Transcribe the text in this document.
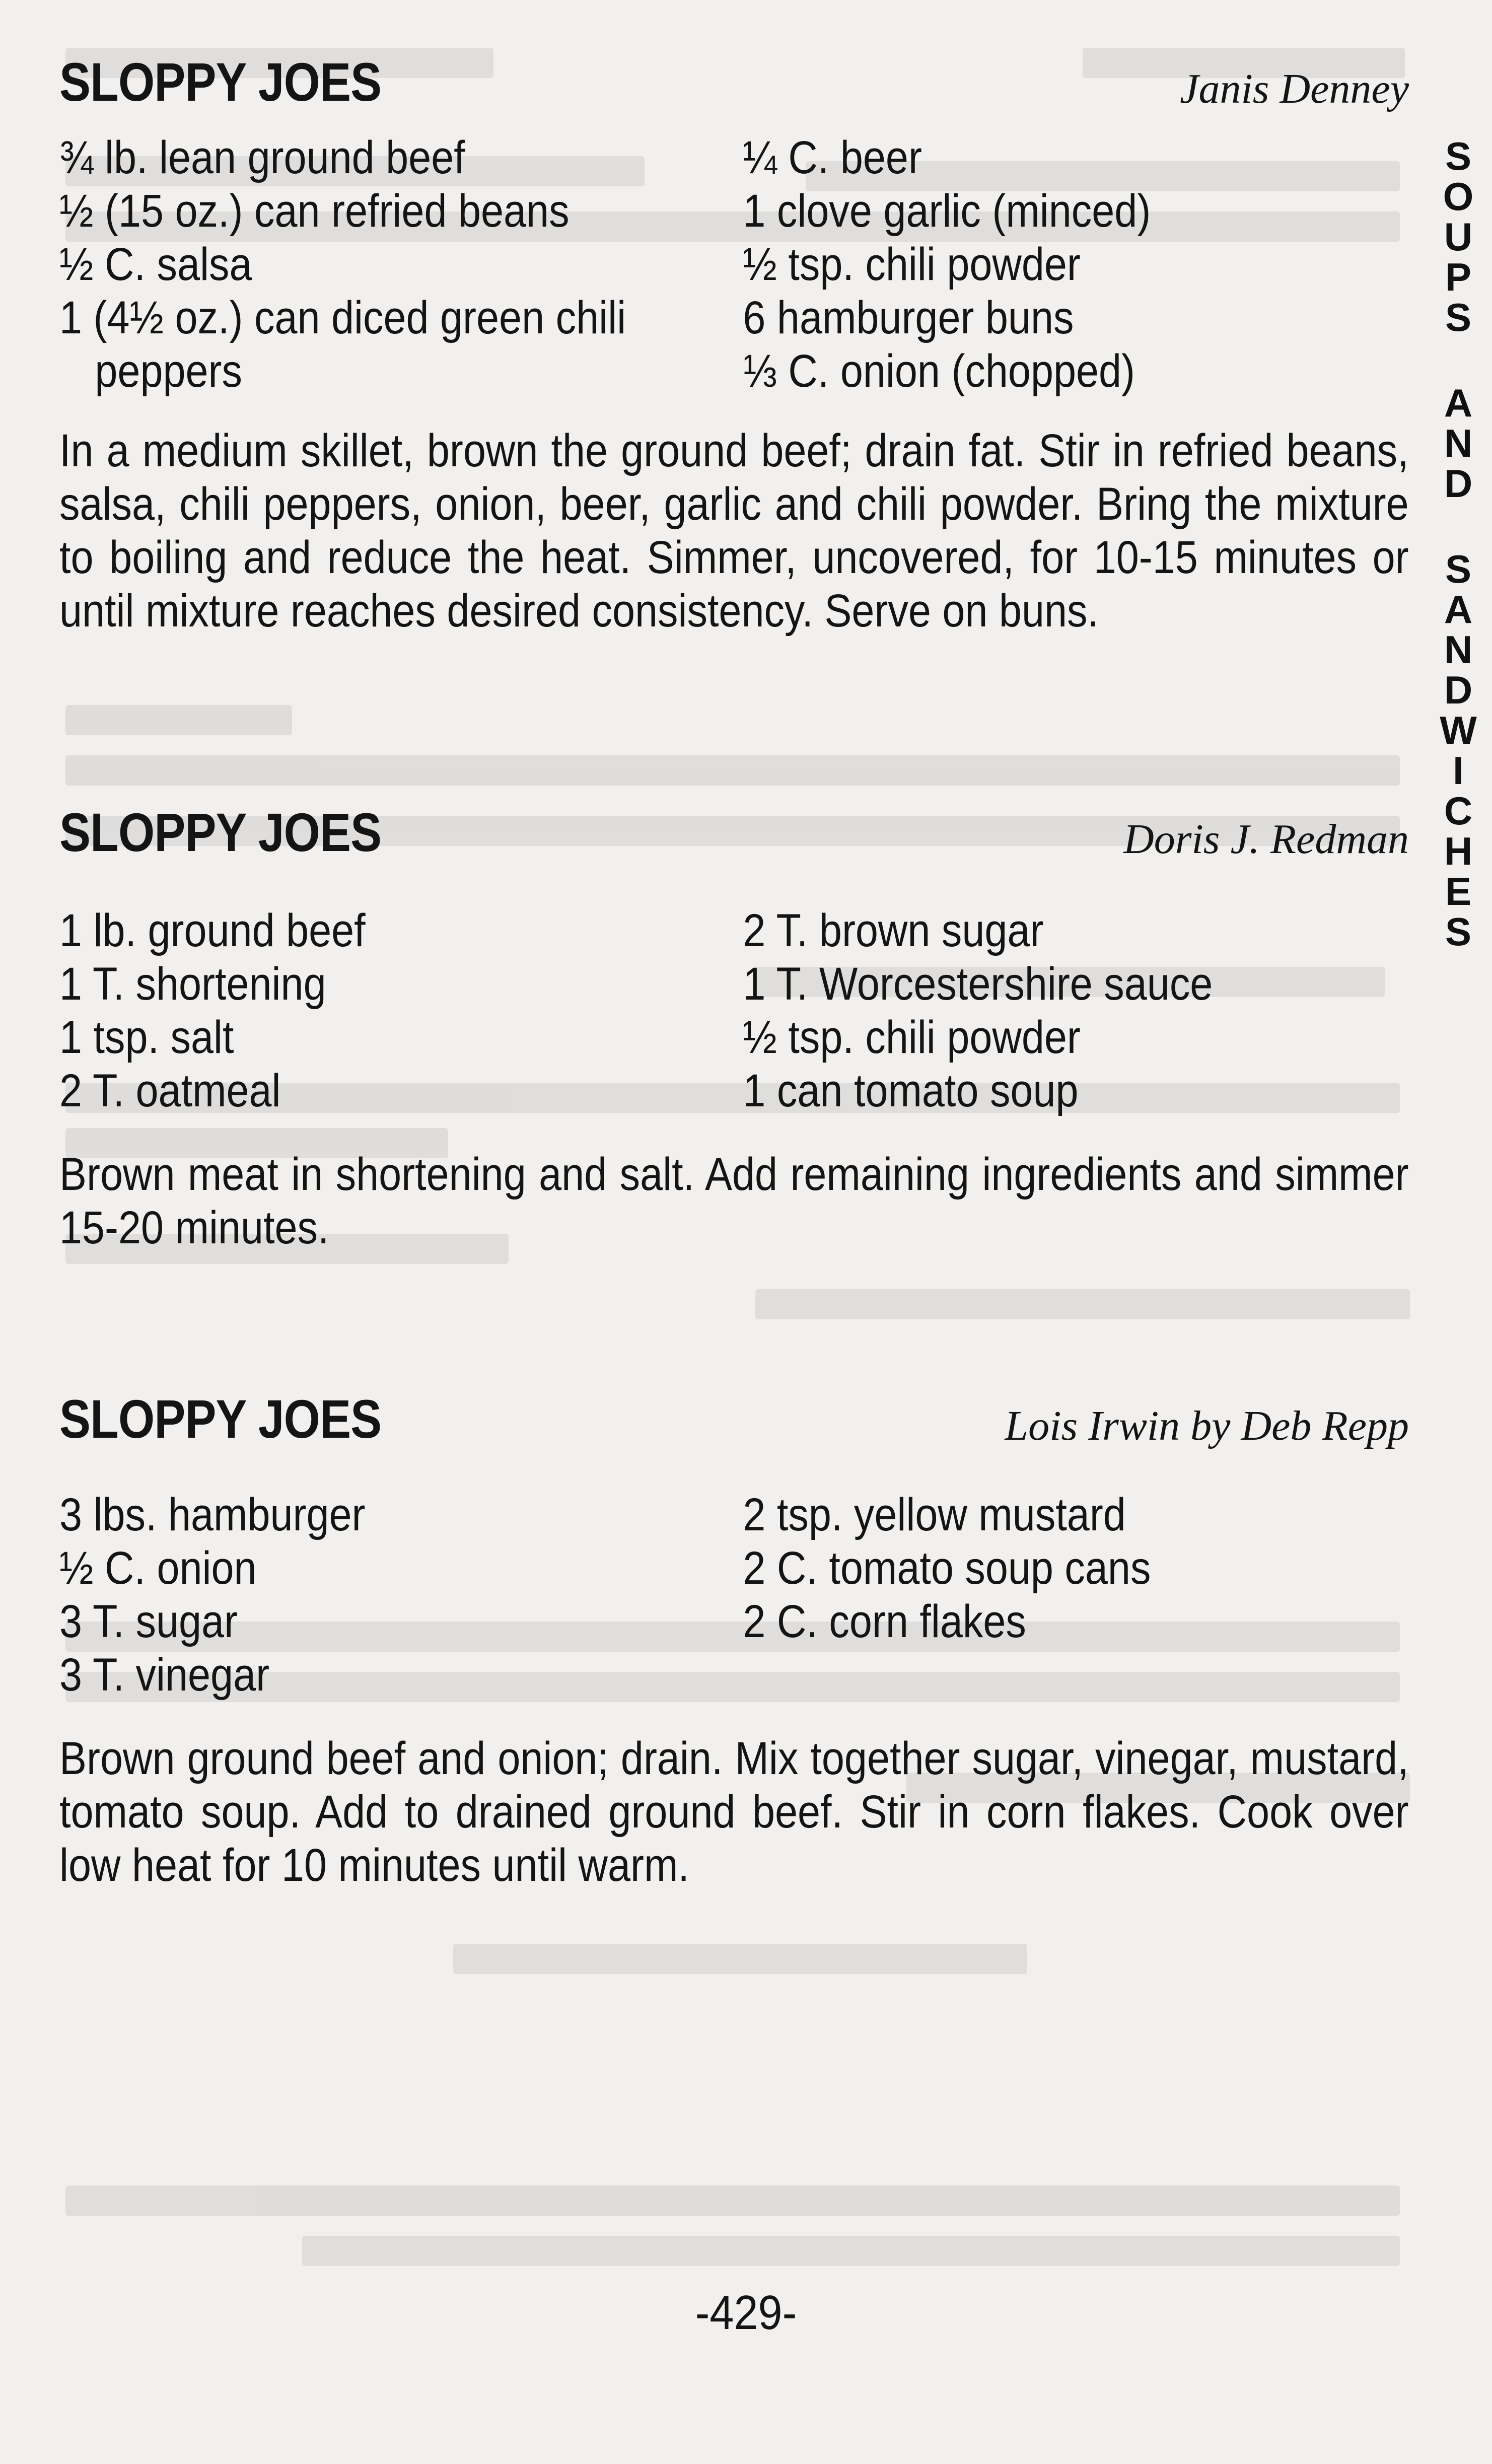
SLOPPY JOES	Janis Denney
¾ lb. lean ground beef
½ (15 oz.) can refried beans
½ C. salsa
1 (4½ oz.) can diced green chili
peppers
¼ C. beer
1 clove garlic (minced)
½ tsp. chili powder
6 hamburger buns
⅓ C. onion (chopped)

In a medium skillet, brown the ground beef; drain fat. Stir in refried beans, salsa, chili peppers, onion, beer, garlic and chili powder. Bring the mixture to boiling and reduce the heat. Simmer, uncovered, for 10-15 minutes or until mixture reaches desired consistency. Serve on buns.

SLOPPY JOES	Doris J. Redman
1 lb. ground beef
1 T. shortening
1 tsp. salt
2 T. oatmeal
2 T. brown sugar
1 T. Worcestershire sauce
½ tsp. chili powder
1 can tomato soup

Brown meat in shortening and salt. Add remaining ingredients and simmer 15-20 minutes.

SLOPPY JOES	Lois Irwin by Deb Repp
3 lbs. hamburger
½ C. onion
3 T. sugar
3 T. vinegar
2 tsp. yellow mustard
2 C. tomato soup cans
2 C. corn flakes

Brown ground beef and onion; drain. Mix together sugar, vinegar, mustard, tomato soup. Add to drained ground beef. Stir in corn flakes. Cook over low heat for 10 minutes until warm.

S
O
U
P
S
A
N
D
S
A
N
D
W
I
C
H
E
S
-429-
